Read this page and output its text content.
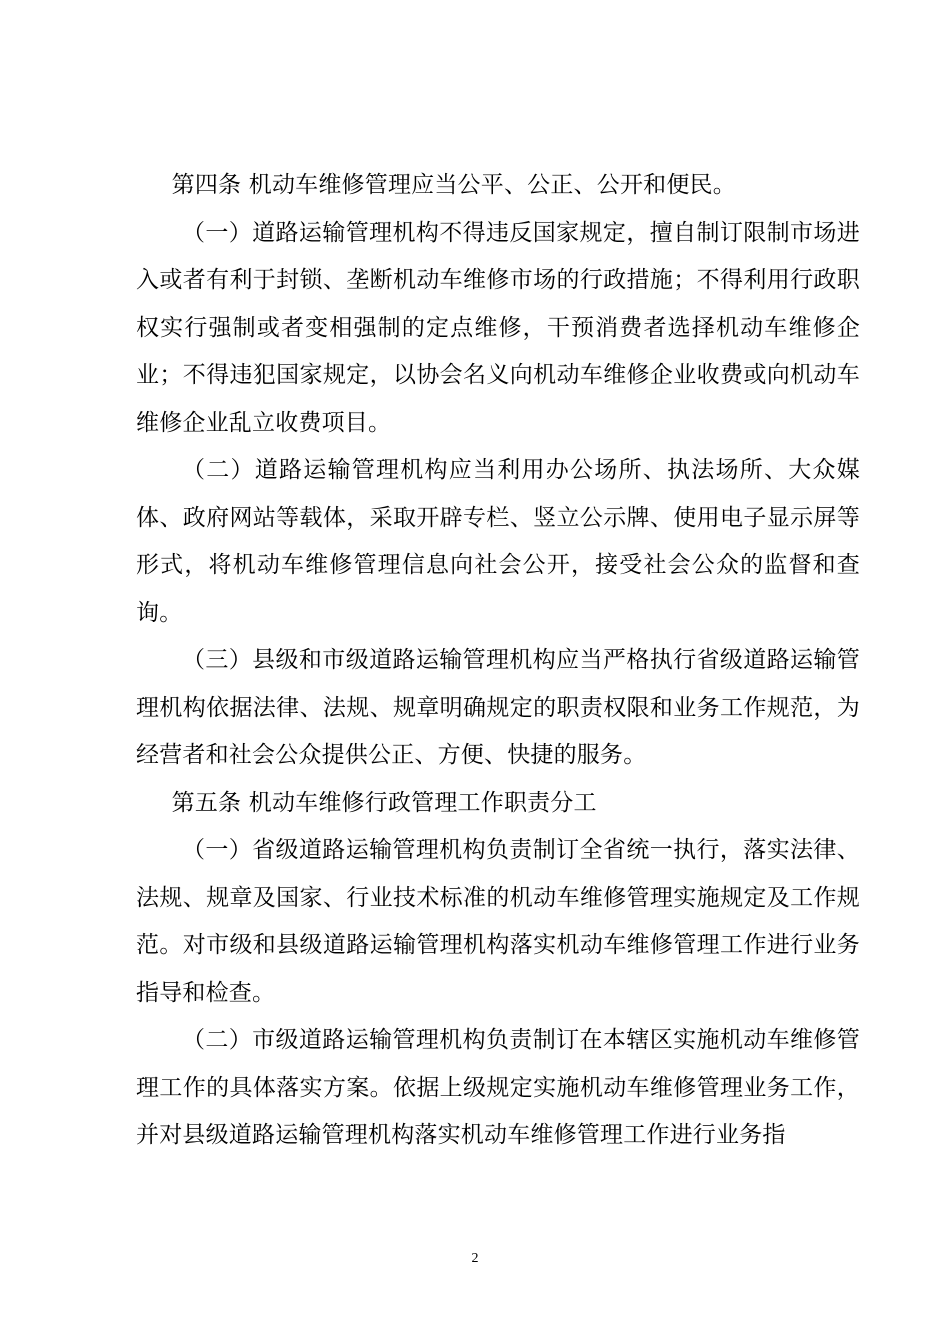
第四条 机动车维修管理应当公平、公正、公开和便民。

（一）道路运输管理机构不得违反国家规定，擅自制订限制市场进入或者有利于封锁、垄断机动车维修市场的行政措施；不得利用行政职权实行强制或者变相强制的定点维修，干预消费者选择机动车维修企业；不得违犯国家规定，以协会名义向机动车维修企业收费或向机动车维修企业乱立收费项目。

（二）道路运输管理机构应当利用办公场所、执法场所、大众媒体、政府网站等载体，采取开辟专栏、竖立公示牌、使用电子显示屏等形式，将机动车维修管理信息向社会公开，接受社会公众的监督和查询。

（三）县级和市级道路运输管理机构应当严格执行省级道路运输管理机构依据法律、法规、规章明确规定的职责权限和业务工作规范，为经营者和社会公众提供公正、方便、快捷的服务。

第五条 机动车维修行政管理工作职责分工

（一）省级道路运输管理机构负责制订全省统一执行，落实法律、法规、规章及国家、行业技术标准的机动车维修管理实施规定及工作规范。对市级和县级道路运输管理机构落实机动车维修管理工作进行业务指导和检查。

（二）市级道路运输管理机构负责制订在本辖区实施机动车维修管理工作的具体落实方案。依据上级规定实施机动车维修管理业务工作，并对县级道路运输管理机构落实机动车维修管理工作进行业务指

2
